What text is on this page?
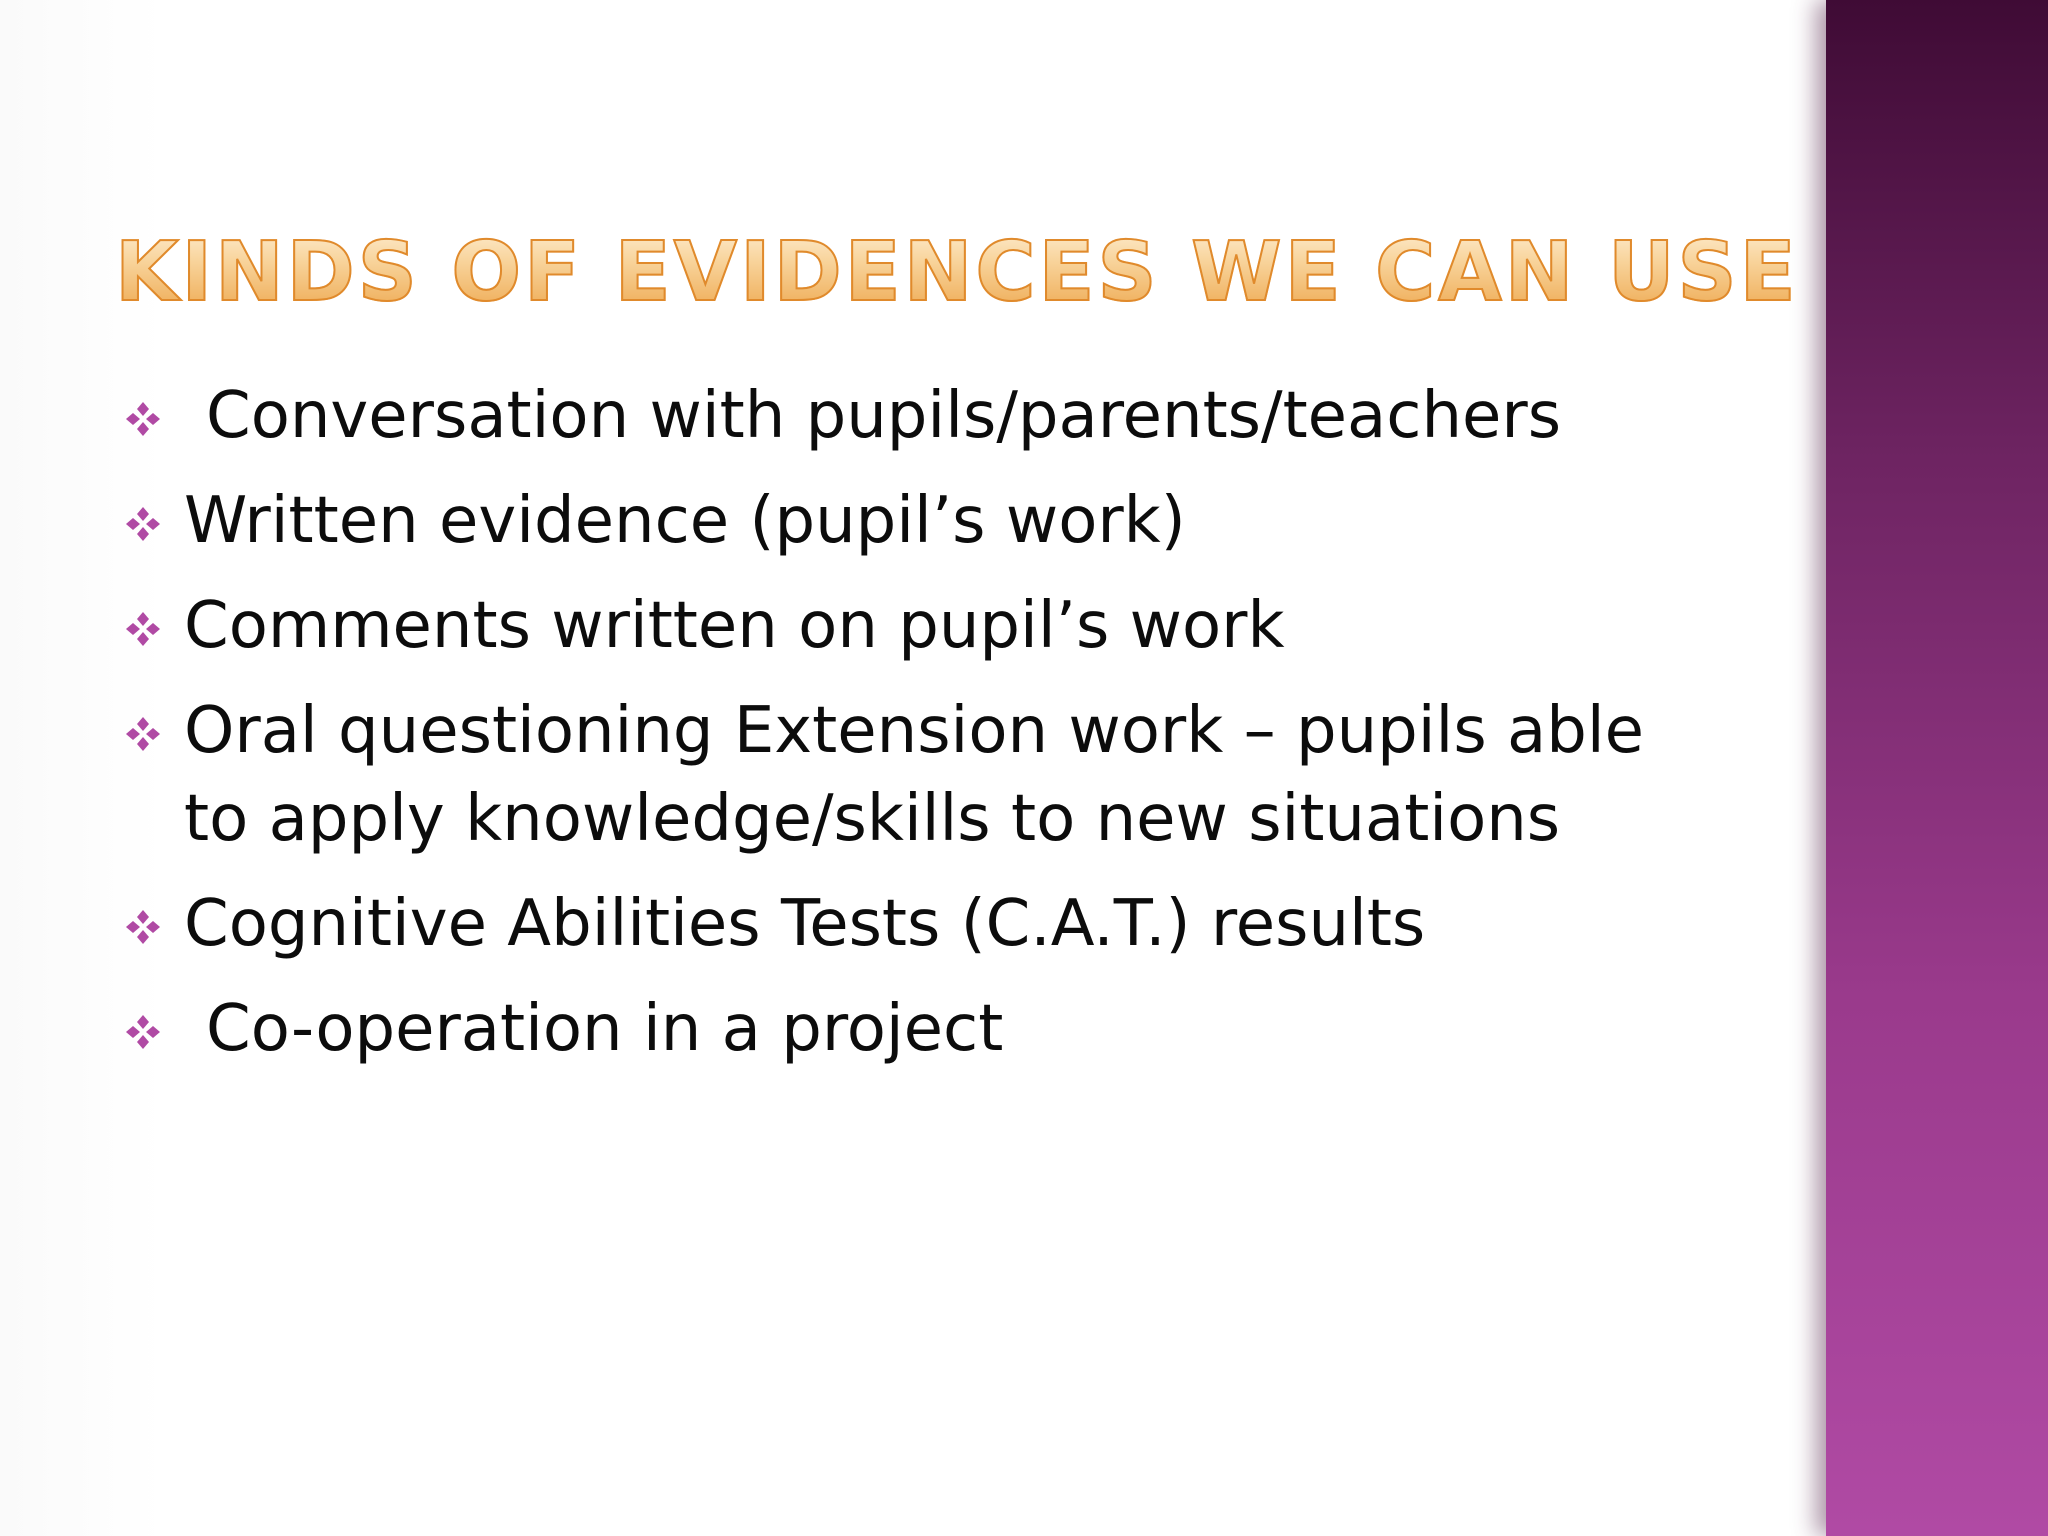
KINDS OF EVIDENCES WE CAN USE
Conversation with pupils/parents/teachers
Written evidence (pupil’s work)
Comments written on pupil’s work
Oral questioning Extension work – pupils able to apply knowledge/skills to new situations
Cognitive Abilities Tests (C.A.T.) results
Co-operation in a project
